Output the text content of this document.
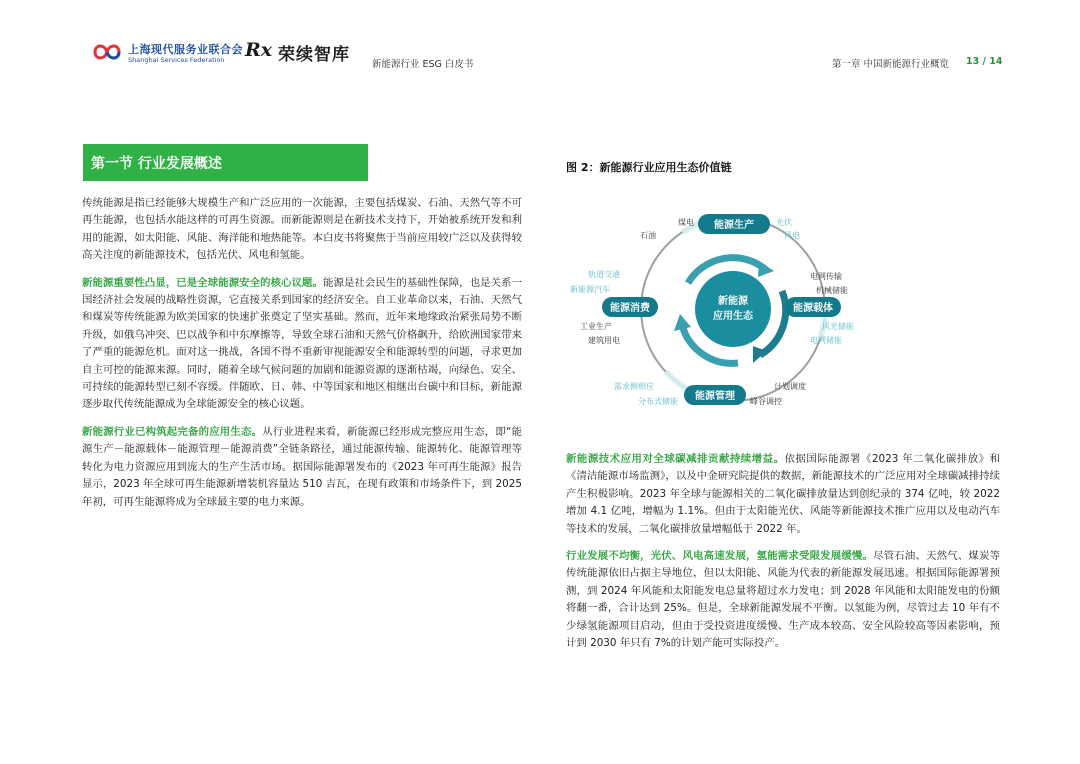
上海现代服务业联合会
Shanghai Services Federation Rx 荣续智库 新能源行业 ESG 白皮书	第一章 中国新能源行业概览 13 / 14
第一节 行业发展概述

传统能源是指已经能够大规模生产和广泛应用的一次能源，主要包括煤炭、石油、天然气等不可再生能源，也包括水能这样的可再生资源。而新能源则是在新技术支持下，开始被系统开发和利用的能源，如太阳能、风能、海洋能和地热能等。本白皮书将聚焦于当前应用较广泛以及获得较高关注度的新能源技术，包括光伏、风电和氢能。

新能源重要性凸显，已是全球能源安全的核心议题。能源是社会民生的基础性保障，也是关系一国经济社会发展的战略性资源，它直接关系到国家的经济安全。自工业革命以来，石油、天然气和煤炭等传统能源为欧美国家的快速扩张奠定了坚实基础。然而，近年来地缘政治紧张局势不断升级，如俄乌冲突、巴以战争和中东摩擦等，导致全球石油和天然气价格飙升，给欧洲国家带来了严重的能源危机。面对这一挑战，各国不得不重新审视能源安全和能源转型的问题，寻求更加自主可控的能源来源。同时，随着全球气候问题的加剧和能源资源的逐渐枯竭，向绿色、安全、可持续的能源转型已刻不容缓。伴随欧、日、韩、中等国家和地区相继出台碳中和目标，新能源逐步取代传统能源成为全球能源安全的核心议题。

新能源行业已构筑起完备的应用生态。从行业进程来看，新能源已经形成完整应用生态，即“能源生产－能源载体－能源管理－能源消费”全链条路径，通过能源传输、能源转化、能源管理等转化为电力资源应用到庞大的生产生活市场。据国际能源署发布的《2023 年可再生能源》报告显示，2023 年全球可再生能源新增装机容量达 510 吉瓦，在现有政策和市场条件下，到 2025 年初，可再生能源将成为全球最主要的电力来源。

图 2：新能源行业应用生态价值链
新能源
应用生态
能源生产
能源载体
能源管理
能源消费
煤电
石油
光伏
风电
电网传输
机械储能
风光储能
电网储能
计划调度
峰谷调控
需求侧相应
分布式储能
轨道交通
新能源汽车
工业生产
建筑用电

新能源技术应用对全球碳减排贡献持续增益。依据国际能源署《2023 年二氧化碳排放》和《清洁能源市场监测》，以及中金研究院提供的数据，新能源技术的广泛应用对全球碳减排持续产生积极影响。2023 年全球与能源相关的二氧化碳排放量达到创纪录的 374 亿吨，较 2022 增加 4.1 亿吨，增幅为 1.1%。但由于太阳能光伏、风能等新能源技术推广应用以及电动汽车等技术的发展，二氧化碳排放量增幅低于 2022 年。

行业发展不均衡，光伏、风电高速发展，氢能需求受限发展缓慢。尽管石油、天然气、煤炭等传统能源依旧占据主导地位，但以太阳能、风能为代表的新能源发展迅速。根据国际能源署预测，到 2024 年风能和太阳能发电总量将超过水力发电；到 2028 年风能和太阳能发电的份额将翻一番，合计达到 25%。但是，全球新能源发展不平衡。以氢能为例，尽管过去 10 年有不少绿氢能源项目启动，但由于受投资进度缓慢、生产成本较高、安全风险较高等因素影响，预计到 2030 年只有 7%的计划产能可实际投产。
